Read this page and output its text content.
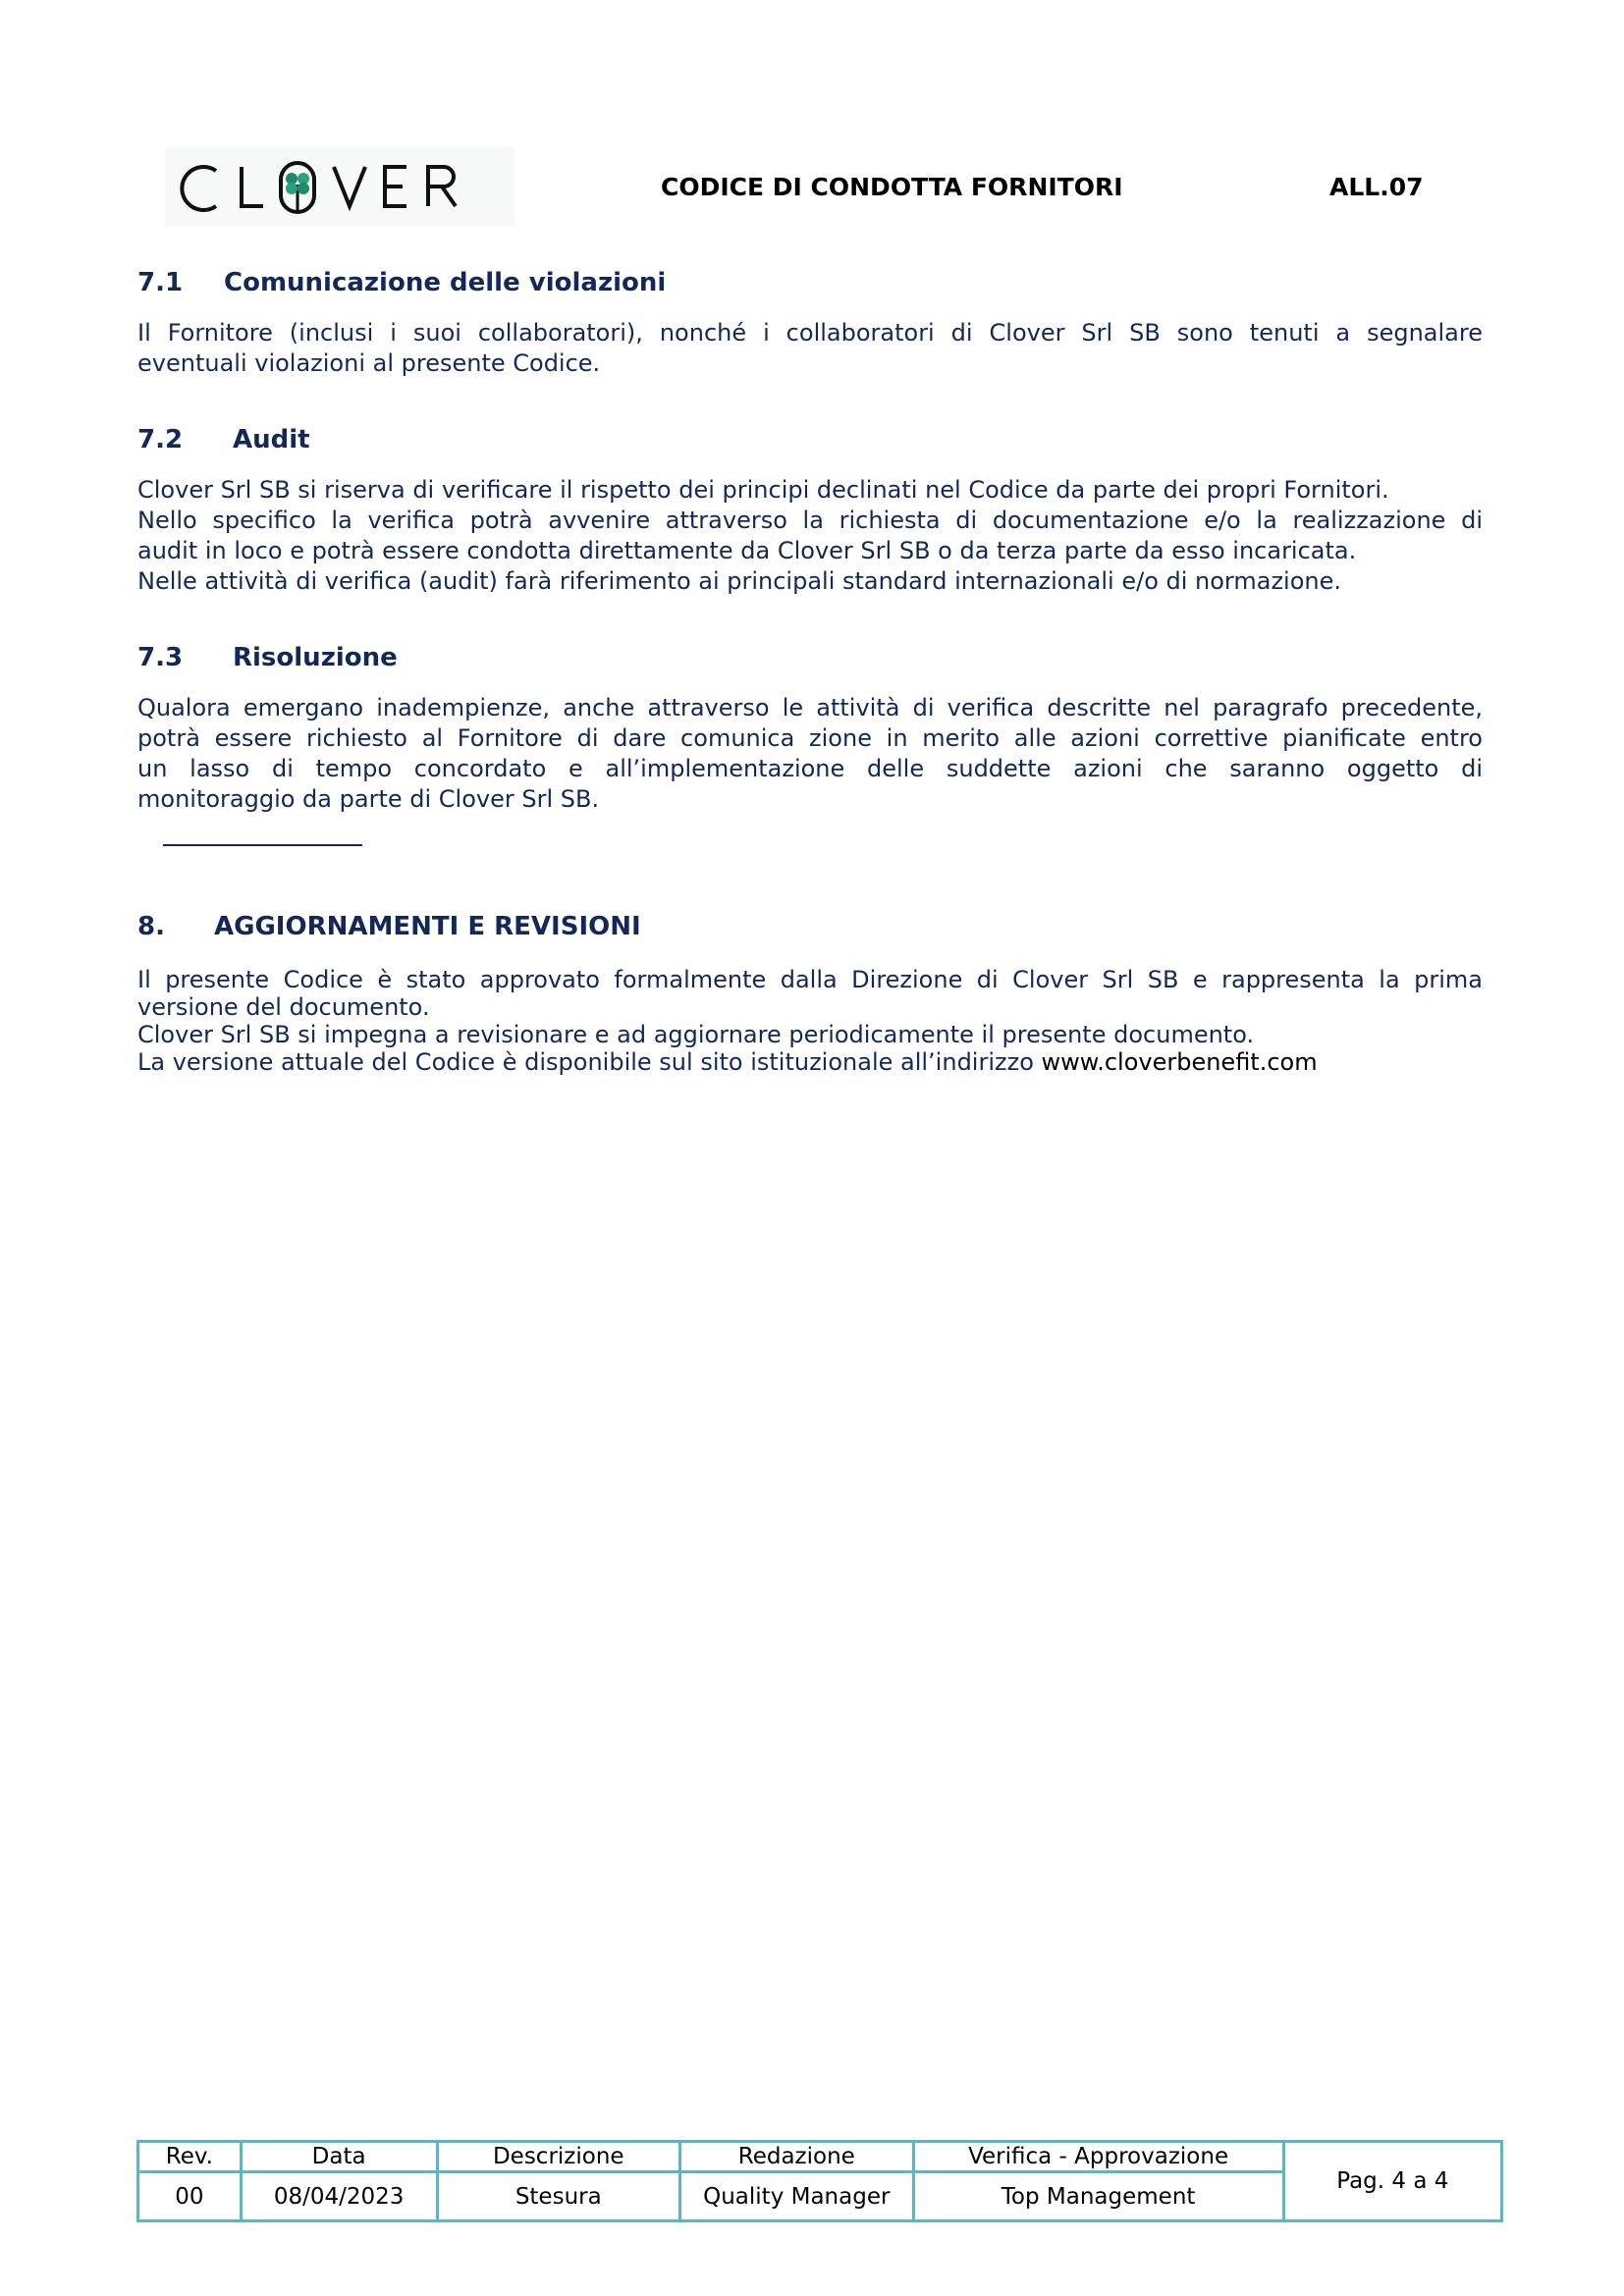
CODICE DI CONDOTTA FORNITORI	ALL.07
7.1	Comunicazione delle violazioni

Il Fornitore (inclusi i suoi collaboratori), nonché i collaboratori di Clover Srl SB sono tenuti a segnalare
eventuali violazioni al presente Codice.

7.2	Audit

Clover Srl SB si riserva di verificare il rispetto dei principi declinati nel Codice da parte dei propri Fornitori.
Nello specifico la verifica potrà avvenire attraverso la richiesta di documentazione e/o la realizzazione di
audit in loco e potrà essere condotta direttamente da Clover Srl SB o da terza parte da esso incaricata.
Nelle attività di verifica (audit) farà riferimento ai principali standard internazionali e/o di normazione.

7.3	Risoluzione

Qualora emergano inadempienze, anche attraverso le attività di verifica descritte nel paragrafo precedente,
potrà essere richiesto al Fornitore di dare comunica zione in merito alle azioni correttive pianificate entro
un lasso di tempo concordato e all’implementazione delle suddette azioni che saranno oggetto di
monitoraggio da parte di Clover Srl SB.

8.	AGGIORNAMENTI E REVISIONI

Il presente Codice è stato approvato formalmente dalla Direzione di Clover Srl SB e rappresenta la prima
versione del documento.
Clover Srl SB si impegna a revisionare e ad aggiornare periodicamente il presente documento.
La versione attuale del Codice è disponibile sul sito istituzionale all’indirizzo www.cloverbenefit.com

Rev.	Data	Descrizione	Redazione	Verifica - Approvazione	Pag. 4 a 4
00	08/04/2023	Stesura	Quality Manager	Top Management	
